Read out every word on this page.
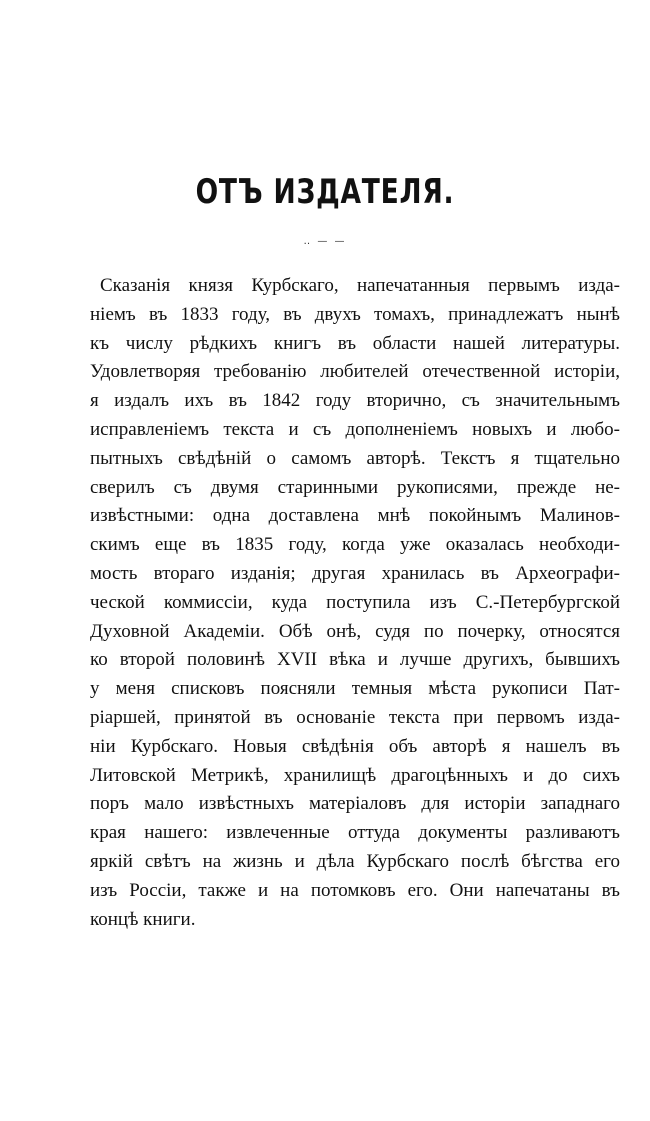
ОТЪ ИЗДАТЕЛЯ.
‥ — —
Сказанія князя Курбскаго, напечатанныя первымъ изда-
ніемъ въ 1833 году, въ двухъ томахъ, принадлежатъ нынѣ
къ числу рѣдкихъ книгъ въ области нашей литературы.
Удовлетворяя требованію любителей отечественной исторіи,
я издалъ ихъ въ 1842 году вторично, съ значительнымъ
исправленіемъ текста и съ дополненіемъ новыхъ и любо-
пытныхъ свѣдѣній о самомъ авторѣ. Текстъ я тщательно
сверилъ съ двумя старинными рукописями, прежде не-
извѣстными: одна доставлена мнѣ покойнымъ Малинов-
скимъ еще въ 1835 году, когда уже оказалась необходи-
мость втораго изданія; другая хранилась въ Археографи-
ческой коммиссіи, куда поступила изъ С.-Петербургской
Духовной Академіи. Обѣ онѣ, судя по почерку, относятся
ко второй половинѣ XVII вѣка и лучше другихъ, бывшихъ
у меня списковъ поясняли темныя мѣста рукописи Пат-
ріаршей, принятой въ основаніе текста при первомъ изда-
ніи Курбскаго. Новыя свѣдѣнія объ авторѣ я нашелъ въ
Литовской Метрикѣ, хранилищѣ драгоцѣнныхъ и до сихъ
поръ мало извѣстныхъ матеріаловъ для исторіи западнаго
края нашего: извлеченные оттуда документы разливаютъ
яркій свѣтъ на жизнь и дѣла Курбскаго послѣ бѣгства его
изъ Россіи, также и на потомковъ его. Они напечатаны въ
концѣ книги.
